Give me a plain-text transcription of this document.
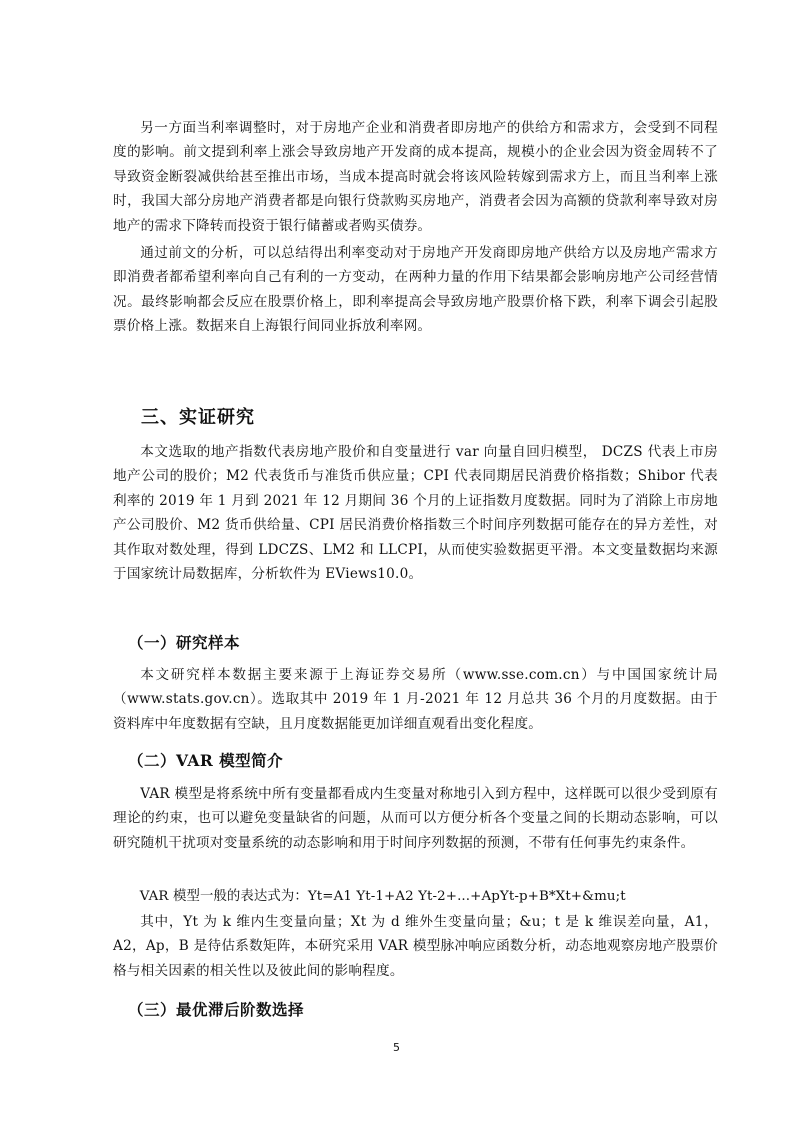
另一方面当利率调整时，对于房地产企业和消费者即房地产的供给方和需求方，会受到不同程度的影响。前文提到利率上涨会导致房地产开发商的成本提高，规模小的企业会因为资金周转不了导致资金断裂减供给甚至推出市场，当成本提高时就会将该风险转嫁到需求方上，而且当利率上涨时，我国大部分房地产消费者都是向银行贷款购买房地产，消费者会因为高额的贷款利率导致对房地产的需求下降转而投资于银行储蓄或者购买债券。

通过前文的分析，可以总结得出利率变动对于房地产开发商即房地产供给方以及房地产需求方即消费者都希望利率向自己有利的一方变动，在两种力量的作用下结果都会影响房地产公司经营情况。最终影响都会反应在股票价格上，即利率提高会导致房地产股票价格下跌，利率下调会引起股票价格上涨。数据来自上海银行间同业拆放利率网。

三、实证研究

本文选取的地产指数代表房地产股价和自变量进行 var 向量自回归模型， DCZS 代表上市房地产公司的股价；M2 代表货币与准货币供应量；CPI 代表同期居民消费价格指数；Shibor 代表利率的 2019 年 1 月到 2021 年 12 月期间 36 个月的上证指数月度数据。同时为了消除上市房地产公司股价、M2 货币供给量、CPI 居民消费价格指数三个时间序列数据可能存在的异方差性，对其作取对数处理，得到 LDCZS、LM2 和 LLCPI，从而使实验数据更平滑。本文变量数据均来源于国家统计局数据库，分析软件为 EViews10.0。

（一）研究样本

本文研究样本数据主要来源于上海证券交易所（www.sse.com.cn）与中国国家统计局（www.stats.gov.cn）。选取其中 2019 年 1 月-2021 年 12 月总共 36 个月的月度数据。由于资料库中年度数据有空缺，且月度数据能更加详细直观看出变化程度。

（二）VAR 模型简介

VAR 模型是将系统中所有变量都看成内生变量对称地引入到方程中，这样既可以很少受到原有理论的约束，也可以避免变量缺省的问题，从而可以方便分析各个变量之间的长期动态影响，可以研究随机干扰项对变量系统的动态影响和用于时间序列数据的预测，不带有任何事先约束条件。

VAR 模型一般的表达式为：Yt=A1 Yt-1+A2 Yt-2+...+ApYt-p+B*Xt+&mu;t

其中，Yt 为 k 维内生变量向量；Xt 为 d 维外生变量向量；&u；t 是 k 维误差向量，A1，A2，Ap，B 是待估系数矩阵，本研究采用 VAR 模型脉冲响应函数分析，动态地观察房地产股票价格与相关因素的相关性以及彼此间的影响程度。

（三）最优滞后阶数选择
5
